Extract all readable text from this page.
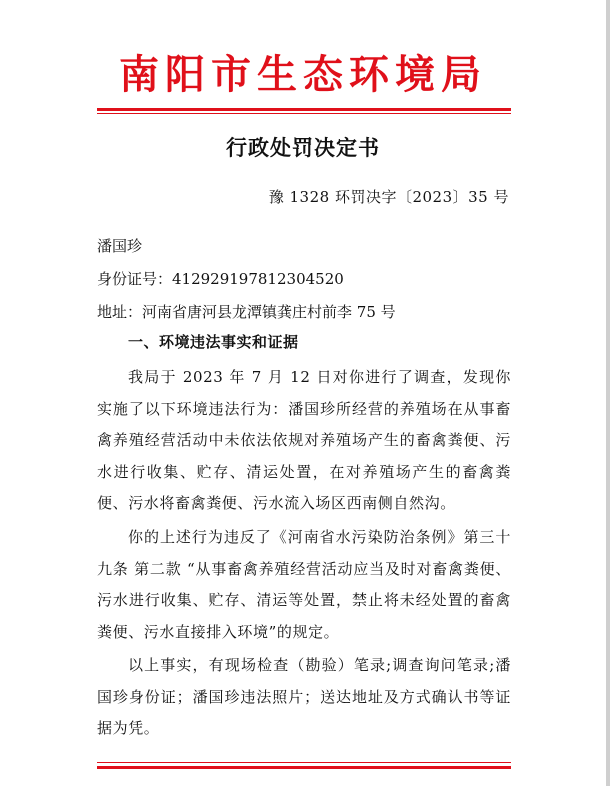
南阳市生态环境局
行政处罚决定书
豫 1328 环罚决字〔2023〕35 号
潘国珍
身份证号：412929197812304520
地址：河南省唐河县龙潭镇龚庄村前李 75 号
一、环境违法事实和证据

我局于 2023 年 7 月 12 日对你进行了调查，发现你实施了以下环境违法行为：潘国珍所经营的养殖场在从事畜禽养殖经营活动中未依法依规对养殖场产生的畜禽粪便、污水进行收集、贮存、清运处置，在对养殖场产生的畜禽粪便、污水将畜禽粪便、污水流入场区西南侧自然沟。

你的上述行为违反了《河南省水污染防治条例》第三十九条 第二款 “从事畜禽养殖经营活动应当及时对畜禽粪便、污水进行收集、贮存、清运等处置，禁止将未经处置的畜禽粪便、污水直接排入环境”的规定。

以上事实，有现场检查（勘验）笔录;调查询问笔录;潘国珍身份证；潘国珍违法照片；送达地址及方式确认书等证据为凭。
